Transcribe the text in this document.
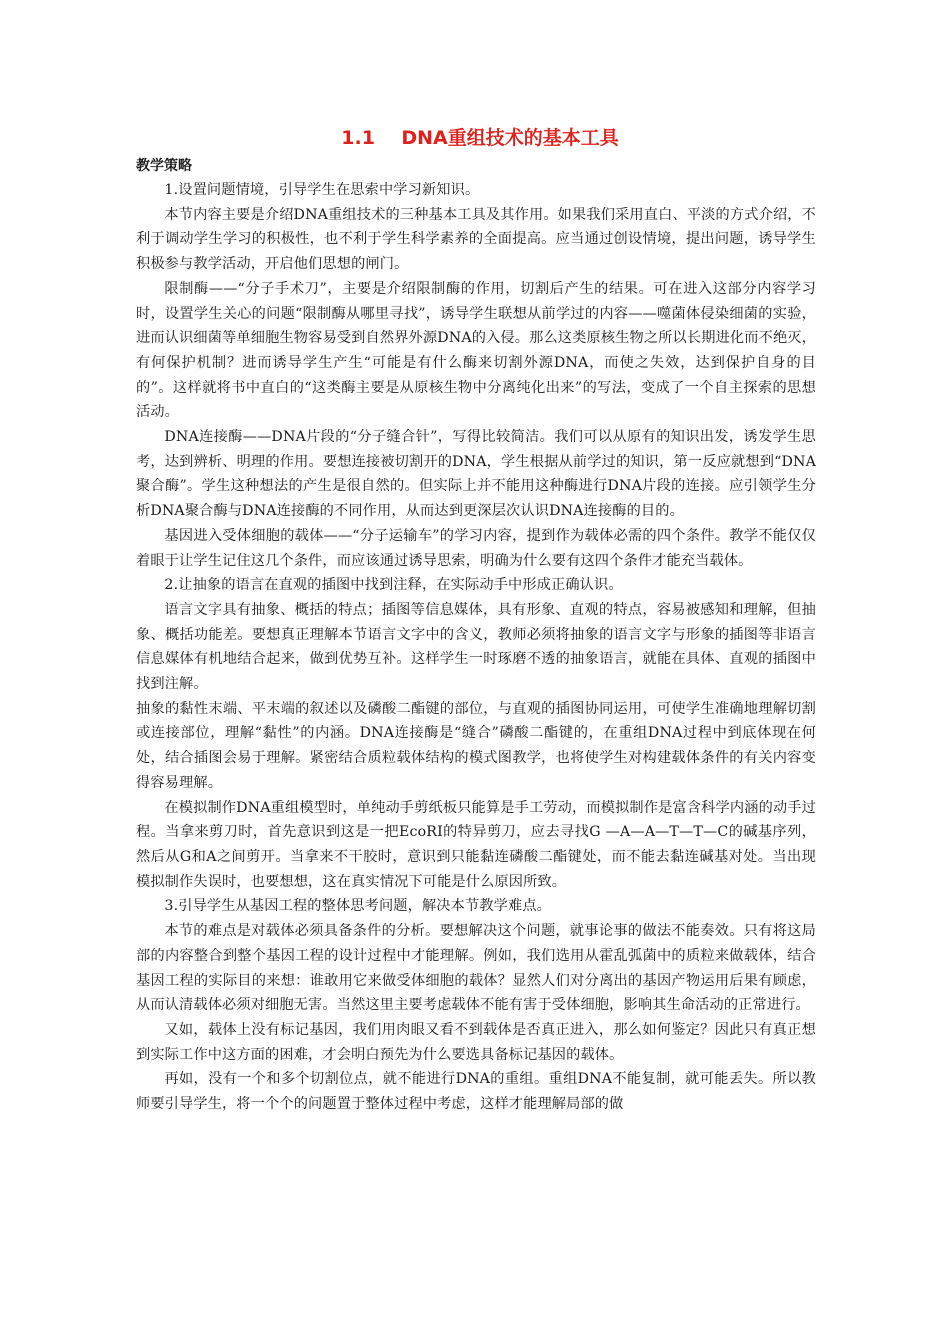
1.1    DNA重组技术的基本工具
教学策略

1.设置问题情境，引导学生在思索中学习新知识。

本节内容主要是介绍DNA重组技术的三种基本工具及其作用。如果我们采用直白、平淡的方式介绍，不利于调动学生学习的积极性，也不利于学生科学素养的全面提高。应当通过创设情境，提出问题，诱导学生积极参与教学活动，开启他们思想的闸门。

限制酶——“分子手术刀”，主要是介绍限制酶的作用，切割后产生的结果。可在进入这部分内容学习时，设置学生关心的问题“限制酶从哪里寻找”，诱导学生联想从前学过的内容——噬菌体侵染细菌的实验，进而认识细菌等单细胞生物容易受到自然界外源DNA的入侵。那么这类原核生物之所以长期进化而不绝灭，有何保护机制？进而诱导学生产生“可能是有什么酶来切割外源DNA，而使之失效，达到保护自身的目的”。这样就将书中直白的“这类酶主要是从原核生物中分离纯化出来”的写法，变成了一个自主探索的思想活动。

DNA连接酶——DNA片段的“分子缝合针”，写得比较简洁。我们可以从原有的知识出发，诱发学生思考，达到辨析、明理的作用。要想连接被切割开的DNA，学生根据从前学过的知识，第一反应就想到“DNA聚合酶”。学生这种想法的产生是很自然的。但实际上并不能用这种酶进行DNA片段的连接。应引领学生分析DNA聚合酶与DNA连接酶的不同作用，从而达到更深层次认识DNA连接酶的目的。

基因进入受体细胞的载体——“分子运输车”的学习内容，提到作为载体必需的四个条件。教学不能仅仅着眼于让学生记住这几个条件，而应该通过诱导思索，明确为什么要有这四个条件才能充当载体。

2.让抽象的语言在直观的插图中找到注释，在实际动手中形成正确认识。

语言文字具有抽象、概括的特点；插图等信息媒体，具有形象、直观的特点，容易被感知和理解，但抽象、概括功能差。要想真正理解本节语言文字中的含义，教师必须将抽象的语言文字与形象的插图等非语言信息媒体有机地结合起来，做到优势互补。这样学生一时琢磨不透的抽象语言，就能在具体、直观的插图中找到注解。

抽象的黏性末端、平末端的叙述以及磷酸二酯键的部位，与直观的插图协同运用，可使学生准确地理解切割或连接部位，理解“黏性”的内涵。DNA连接酶是“缝合”磷酸二酯键的，在重组DNA过程中到底体现在何处，结合插图会易于理解。紧密结合质粒载体结构的模式图教学，也将使学生对构建载体条件的有关内容变得容易理解。

在模拟制作DNA重组模型时，单纯动手剪纸板只能算是手工劳动，而模拟制作是富含科学内涵的动手过程。当拿来剪刀时，首先意识到这是一把EcoRI的特异剪刀，应去寻找G —A—A—T—T—C的碱基序列，然后从G和A之间剪开。当拿来不干胶时，意识到只能黏连磷酸二酯键处，而不能去黏连碱基对处。当出现模拟制作失误时，也要想想，这在真实情况下可能是什么原因所致。

3.引导学生从基因工程的整体思考问题，解决本节教学难点。

本节的难点是对载体必须具备条件的分析。要想解决这个问题，就事论事的做法不能奏效。只有将这局部的内容整合到整个基因工程的设计过程中才能理解。例如，我们选用从霍乱弧菌中的质粒来做载体，结合基因工程的实际目的来想：谁敢用它来做受体细胞的载体？显然人们对分离出的基因产物运用后果有顾虑，从而认清载体必须对细胞无害。当然这里主要考虑载体不能有害于受体细胞，影响其生命活动的正常进行。

又如，载体上没有标记基因，我们用肉眼又看不到载体是否真正进入，那么如何鉴定？因此只有真正想到实际工作中这方面的困难，才会明白预先为什么要选具备标记基因的载体。

再如，没有一个和多个切割位点，就不能进行DNA的重组。重组DNA不能复制，就可能丢失。所以教师要引导学生，将一个个的问题置于整体过程中考虑，这样才能理解局部的做
